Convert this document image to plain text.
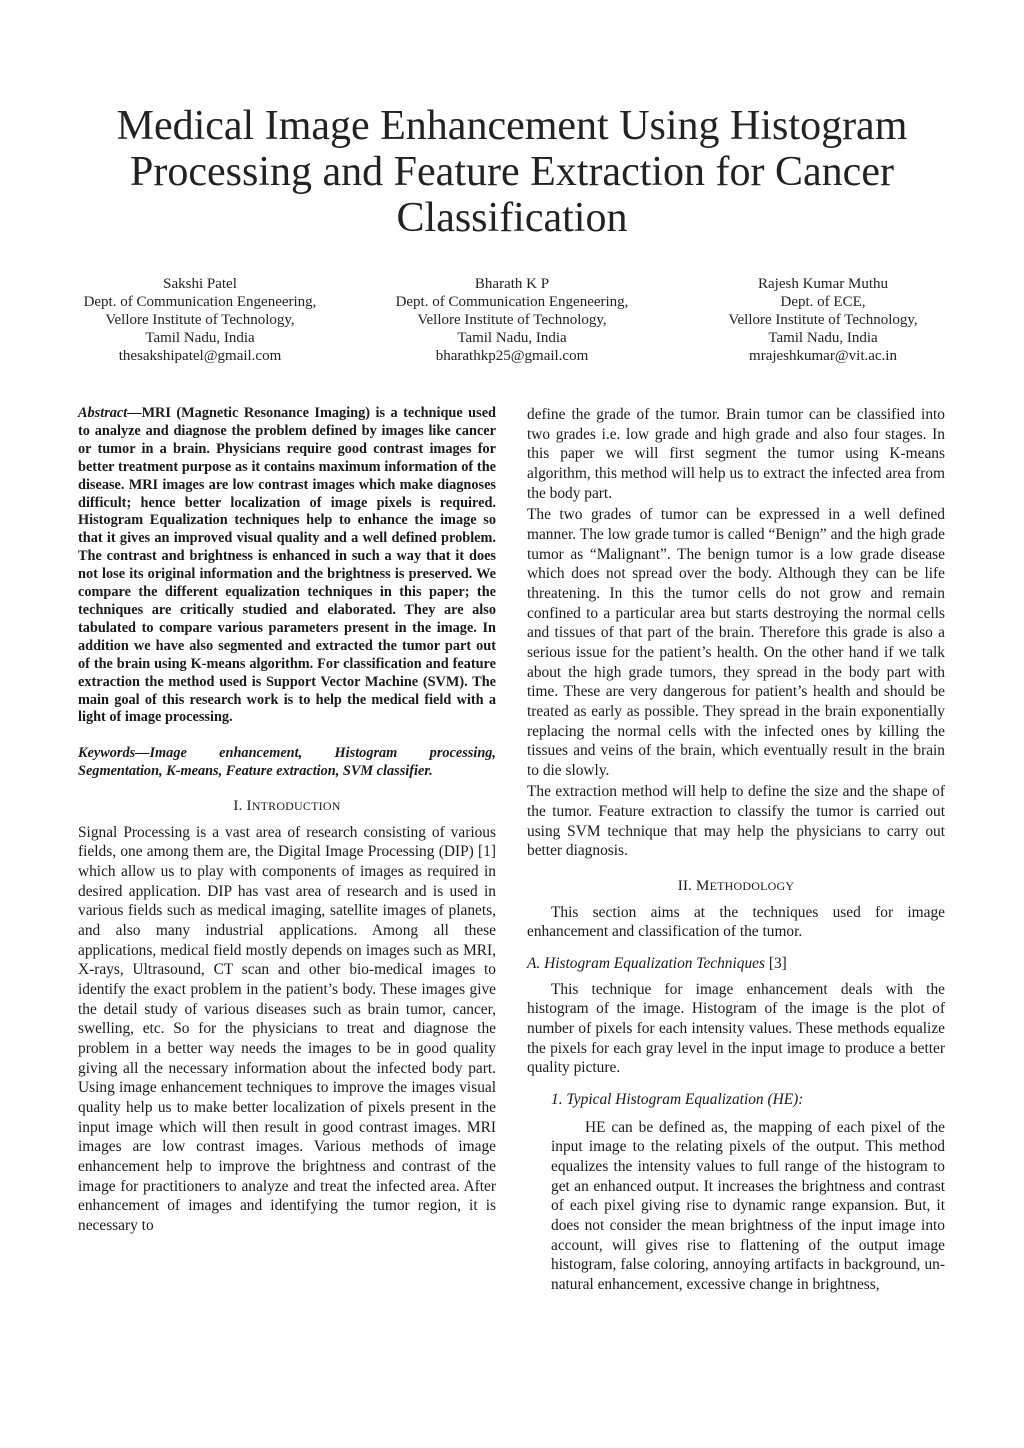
Medical Image Enhancement Using Histogram Processing and Feature Extraction for Cancer Classification
Sakshi Patel
Dept. of Communication Engeneering,
Vellore Institute of Technology,
Tamil Nadu, India
thesakshipatel@gmail.com
Bharath K P
Dept. of Communication Engeneering,
Vellore Institute of Technology,
Tamil Nadu, India
bharathkp25@gmail.com
Rajesh Kumar Muthu
Dept. of ECE,
Vellore Institute of Technology,
Tamil Nadu, India
mrajeshkumar@vit.ac.in

Abstract—MRI (Magnetic Resonance Imaging) is a technique used to analyze and diagnose the problem defined by images like cancer or tumor in a brain. Physicians require good contrast images for better treatment purpose as it contains maximum information of the disease. MRI images are low contrast images which make diagnoses difficult; hence better localization of image pixels is required. Histogram Equalization techniques help to enhance the image so that it gives an improved visual quality and a well defined problem. The contrast and brightness is enhanced in such a way that it does not lose its original information and the brightness is preserved. We compare the different equalization techniques in this paper; the techniques are critically studied and elaborated. They are also tabulated to compare various parameters present in the image. In addition we have also segmented and extracted the tumor part out of the brain using K-means algorithm. For classification and feature extraction the method used is Support Vector Machine (SVM). The main goal of this research work is to help the medical field with a light of image processing.

Keywords—Image enhancement, Histogram processing, Segmentation, K-means, Feature extraction, SVM classifier.

I. INTRODUCTION

Signal Processing is a vast area of research consisting of various fields, one among them are, the Digital Image Processing (DIP) [1] which allow us to play with components of images as required in desired application. DIP has vast area of research and is used in various fields such as medical imaging, satellite images of planets, and also many industrial applications. Among all these applications, medical field mostly depends on images such as MRI, X-rays, Ultrasound, CT scan and other bio-medical images to identify the exact problem in the patient’s body. These images give the detail study of various diseases such as brain tumor, cancer, swelling, etc. So for the physicians to treat and diagnose the problem in a better way needs the images to be in good quality giving all the necessary information about the infected body part. Using image enhancement techniques to improve the images visual quality help us to make better localization of pixels present in the input image which will then result in good contrast images. MRI images are low contrast images. Various methods of image enhancement help to improve the brightness and contrast of the image for practitioners to analyze and treat the infected area. After enhancement of images and identifying the tumor region, it is necessary to

define the grade of the tumor. Brain tumor can be classified into two grades i.e. low grade and high grade and also four stages. In this paper we will first segment the tumor using K-means algorithm, this method will help us to extract the infected area from the body part.

The two grades of tumor can be expressed in a well defined manner. The low grade tumor is called “Benign” and the high grade tumor as “Malignant”. The benign tumor is a low grade disease which does not spread over the body. Although they can be life threatening. In this the tumor cells do not grow and remain confined to a particular area but starts destroying the normal cells and tissues of that part of the brain. Therefore this grade is also a serious issue for the patient’s health. On the other hand if we talk about the high grade tumors, they spread in the body part with time. These are very dangerous for patient’s health and should be treated as early as possible. They spread in the brain exponentially replacing the normal cells with the infected ones by killing the tissues and veins of the brain, which eventually result in the brain to die slowly.

The extraction method will help to define the size and the shape of the tumor. Feature extraction to classify the tumor is carried out using SVM technique that may help the physicians to carry out better diagnosis.

II. METHODOLOGY

This section aims at the techniques used for image enhancement and classification of the tumor.

A. Histogram Equalization Techniques [3]

This technique for image enhancement deals with the histogram of the image. Histogram of the image is the plot of number of pixels for each intensity values. These methods equalize the pixels for each gray level in the input image to produce a better quality picture.

1. Typical Histogram Equalization (HE):

HE can be defined as, the mapping of each pixel of the input image to the relating pixels of the output. This method equalizes the intensity values to full range of the histogram to get an enhanced output. It increases the brightness and contrast of each pixel giving rise to dynamic range expansion. But, it does not consider the mean brightness of the input image into account, will gives rise to flattening of the output image histogram, false coloring, annoying artifacts in background, un-natural enhancement, excessive change in brightness,
